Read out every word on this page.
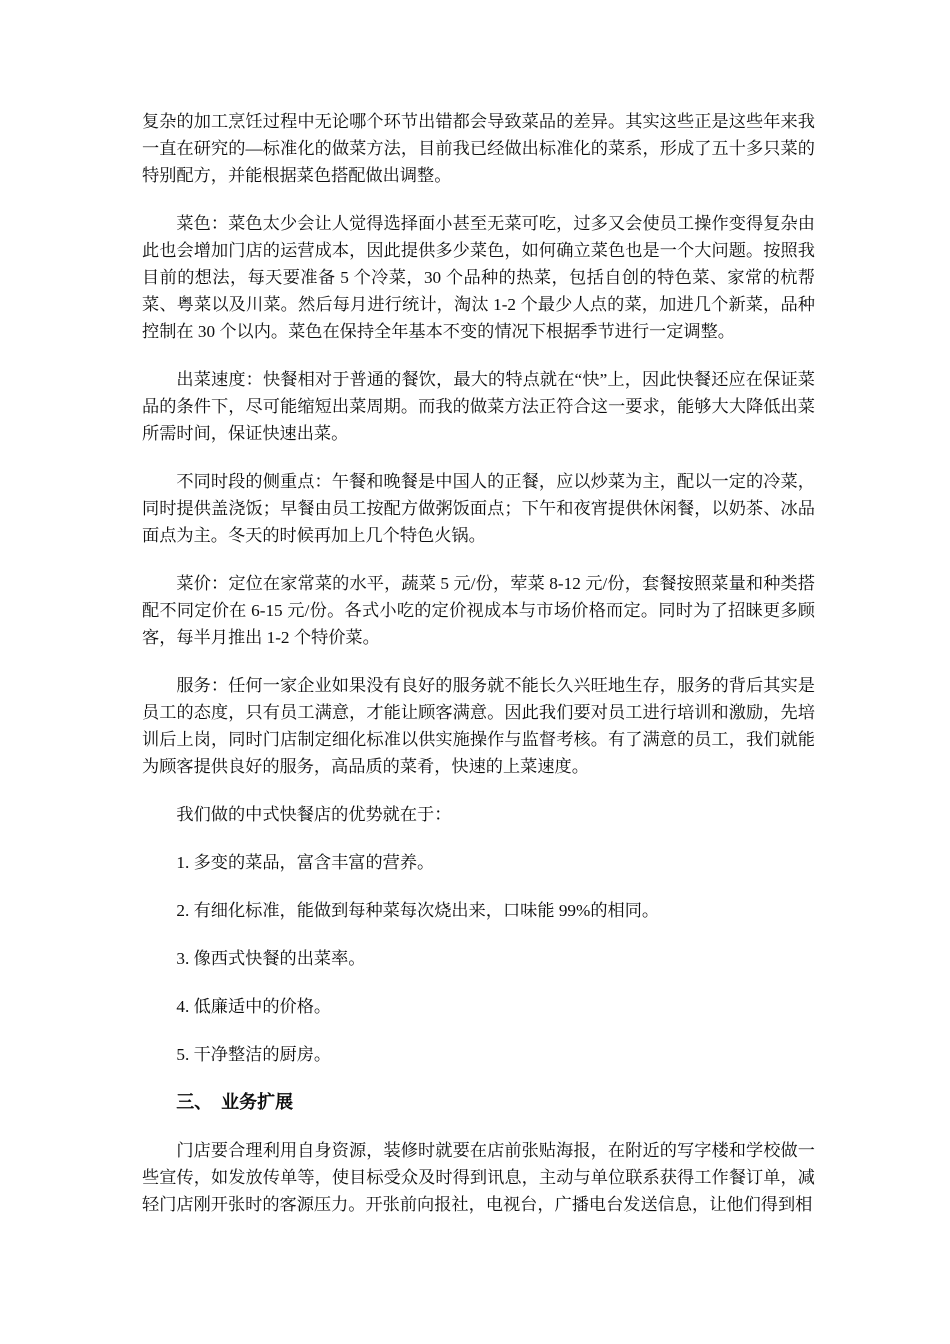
复杂的加工烹饪过程中无论哪个环节出错都会导致菜品的差异。其实这些正是这些年来我一直在研究的—标准化的做菜方法，目前我已经做出标准化的菜系，形成了五十多只菜的特别配方，并能根据菜色搭配做出调整。

菜色：菜色太少会让人觉得选择面小甚至无菜可吃，过多又会使员工操作变得复杂由此也会增加门店的运营成本，因此提供多少菜色，如何确立菜色也是一个大问题。按照我目前的想法，每天要准备 5 个冷菜，30 个品种的热菜，包括自创的特色菜、家常的杭帮菜、粤菜以及川菜。然后每月进行统计，淘汰 1-2 个最少人点的菜，加进几个新菜，品种控制在 30 个以内。菜色在保持全年基本不变的情况下根据季节进行一定调整。

出菜速度：快餐相对于普通的餐饮，最大的特点就在“快”上，因此快餐还应在保证菜品的条件下，尽可能缩短出菜周期。而我的做菜方法正符合这一要求，能够大大降低出菜所需时间，保证快速出菜。

不同时段的侧重点：午餐和晚餐是中国人的正餐，应以炒菜为主，配以一定的冷菜，同时提供盖浇饭；早餐由员工按配方做粥饭面点；下午和夜宵提供休闲餐，以奶茶、冰品面点为主。冬天的时候再加上几个特色火锅。

菜价：定位在家常菜的水平，蔬菜 5 元/份，荤菜 8-12 元/份，套餐按照菜量和种类搭配不同定价在 6-15 元/份。各式小吃的定价视成本与市场价格而定。同时为了招睐更多顾客，每半月推出 1-2 个特价菜。

服务：任何一家企业如果没有良好的服务就不能长久兴旺地生存，服务的背后其实是员工的态度，只有员工满意，才能让顾客满意。因此我们要对员工进行培训和激励，先培训后上岗，同时门店制定细化标准以供实施操作与监督考核。有了满意的员工，我们就能为顾客提供良好的服务，高品质的菜肴，快速的上菜速度。

我们做的中式快餐店的优势就在于：

1. 多变的菜品，富含丰富的营养。

2. 有细化标准，能做到每种菜每次烧出来，口味能 99%的相同。

3. 像西式快餐的出菜率。

4. 低廉适中的价格。

5. 干净整洁的厨房。

三、　业务扩展

门店要合理利用自身资源，装修时就要在店前张贴海报，在附近的写字楼和学校做一些宣传，如发放传单等，使目标受众及时得到讯息，主动与单位联系获得工作餐订单，减轻门店刚开张时的客源压力。开张前向报社，电视台，广播电台发送信息，让他们得到相
